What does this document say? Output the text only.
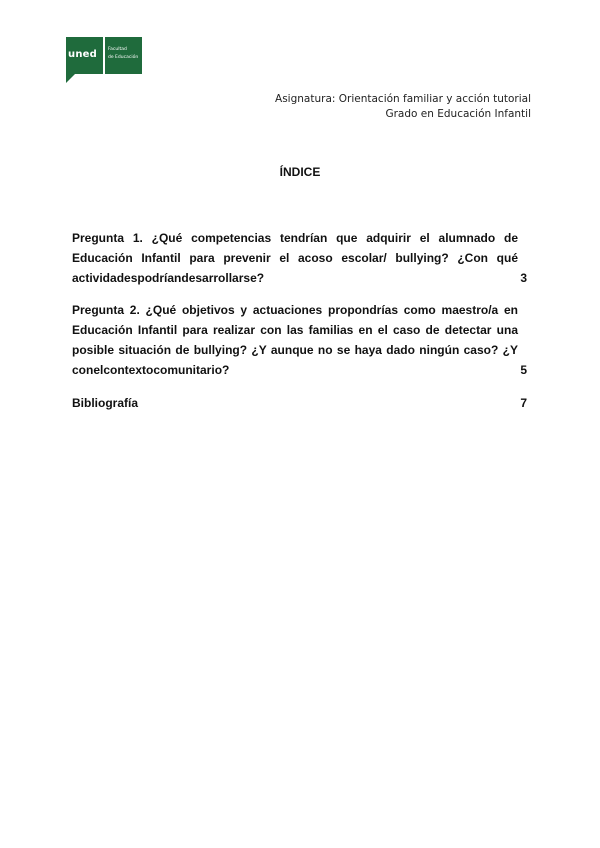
uned Facultad
de Educación
Asignatura: Orientación familiar y acción tutorial
Grado en Educación Infantil
ÍNDICE
Pregunta 1. ¿Qué competencias tendrían que adquirir el alumnado de Educación Infantil para prevenir el acoso escolar/ bullying? ¿Con qué actividadespodríandesarrollarse?	3
Pregunta 2. ¿Qué objetivos y actuaciones propondrías como maestro/a en Educación Infantil para realizar con las familias en el caso de detectar una posible situación de bullying? ¿Y aunque no se haya dado ningún caso? ¿Y conelcontextocomunitario?	5
Bibliografía	7
